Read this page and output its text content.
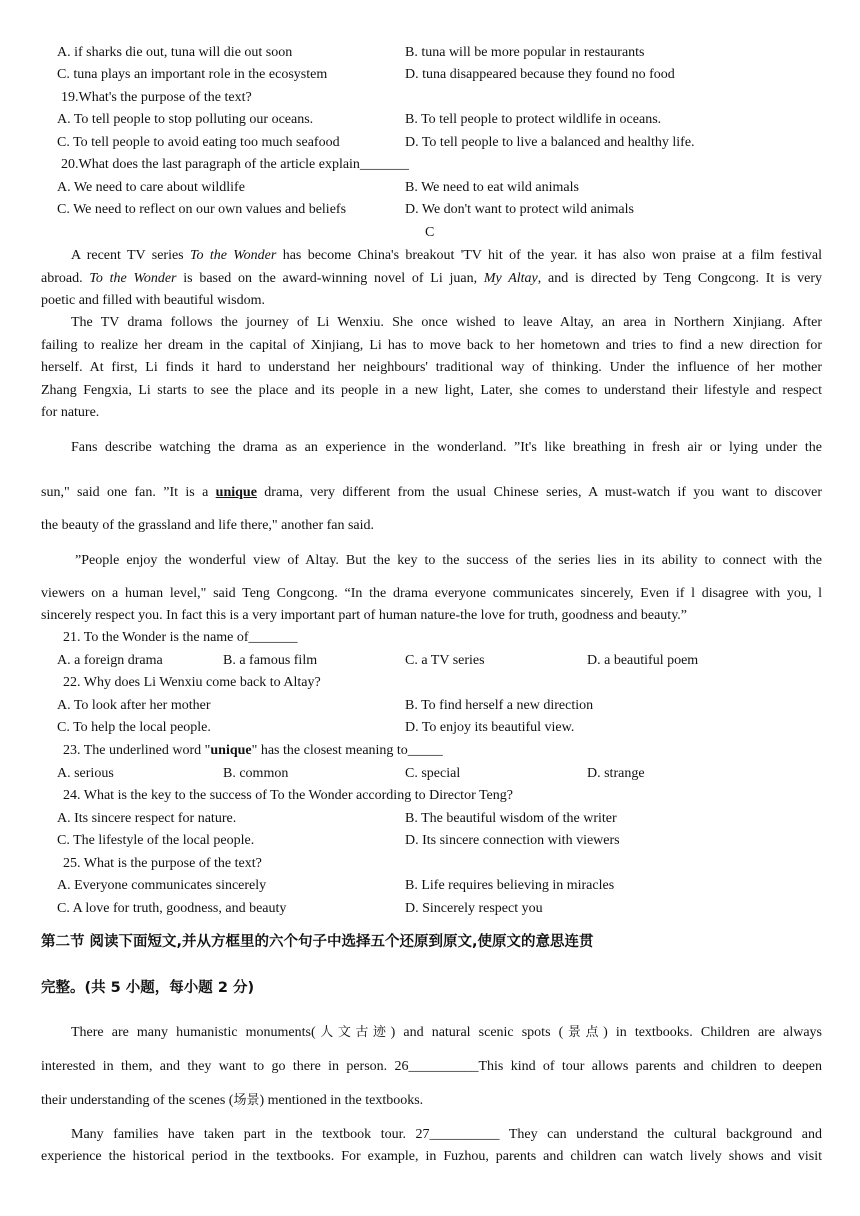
A. if sharks die out, tuna will die out soon	B. tuna will be more popular in restaurants
C. tuna plays an important role in the ecosystem	D. tuna disappeared because they found no food
19.What's the purpose of the text?
A. To tell people to stop polluting our oceans.	B. To tell people to protect wildlife in oceans.
C. To tell people to avoid eating too much seafood	D. To tell people to live a balanced and healthy life.
20.What does the last paragraph of the article explain_______
A. We need to care about wildlife	B. We need to eat wild animals
C. We need to reflect on our own values and beliefs	D. We don't want to protect wild animals
C
A recent TV series To the Wonder has become China's breakout 'TV hit of the year. it has also won praise at a film festival
abroad. To the Wonder is based on the award-winning novel of Li juan, My Altay, and is directed by Teng Congcong. It is very
poetic and filled with beautiful wisdom.
The TV drama follows the journey of Li Wenxiu. She once wished to leave Altay, an area in Northern Xinjiang. After
failing to realize her dream in the capital of Xinjiang, Li has to move back to her hometown and tries to find a new direction for
herself. At first, Li finds it hard to understand her neighbours' traditional way of thinking. Under the influence of her mother
Zhang Fengxia, Li starts to see the place and its people in a new light, Later, she comes to understand their lifestyle and respect
for nature.
Fans describe watching the drama as an experience in the wonderland. ”It's like breathing in fresh air or lying under the
sun," said one fan. ”It is a unique drama, very different from the usual Chinese series, A must-watch if you want to discover
the beauty of the grassland and life there," another fan said.
”People enjoy the wonderful view of Altay. But the key to the success of the series lies in its ability to connect with the
viewers on a human level," said Teng Congcong. “In the drama everyone communicates sincerely, Even if l disagree with you, l
sincerely respect you. In fact this is a very important part of human nature-the love for truth, goodness and beauty.”
21. To the Wonder is the name of_______
A. a foreign drama	B. a famous film	C. a TV series	D. a beautiful poem
22. Why does Li Wenxiu come back to Altay?
A. To look after her mother	B. To find herself a new direction
C. To help the local people.	D. To enjoy its beautiful view.
23. The underlined word "unique" has the closest meaning to_____
A. serious	B. common	C. special	D. strange
24. What is the key to the success of To the Wonder according to Director Teng?
A. Its sincere respect for nature.	B. The beautiful wisdom of the writer
C. The lifestyle of the local people.	D. Its sincere connection with viewers
25. What is the purpose of the text?
A. Everyone communicates sincerely	B. Life requires believing in miracles
C. A love for truth, goodness, and beauty	D. Sincerely respect you
第二节 阅读下面短文,并从方框里的六个句子中选择五个还原到原文,使原文的意思连贯
完整。(共 5 小题，每小题 2 分)
There are many humanistic monuments(人文古迹) and natural scenic spots (景点) in textbooks. Children are always
interested in them, and they want to go there in person. 26__________This kind of tour allows parents and children to deepen
their understanding of the scenes (场景) mentioned in the textbooks.
Many families have taken part in the textbook tour. 27__________ They can understand the cultural background and
experience the historical period in the textbooks. For example, in Fuzhou, parents and children can watch lively shows and visit
